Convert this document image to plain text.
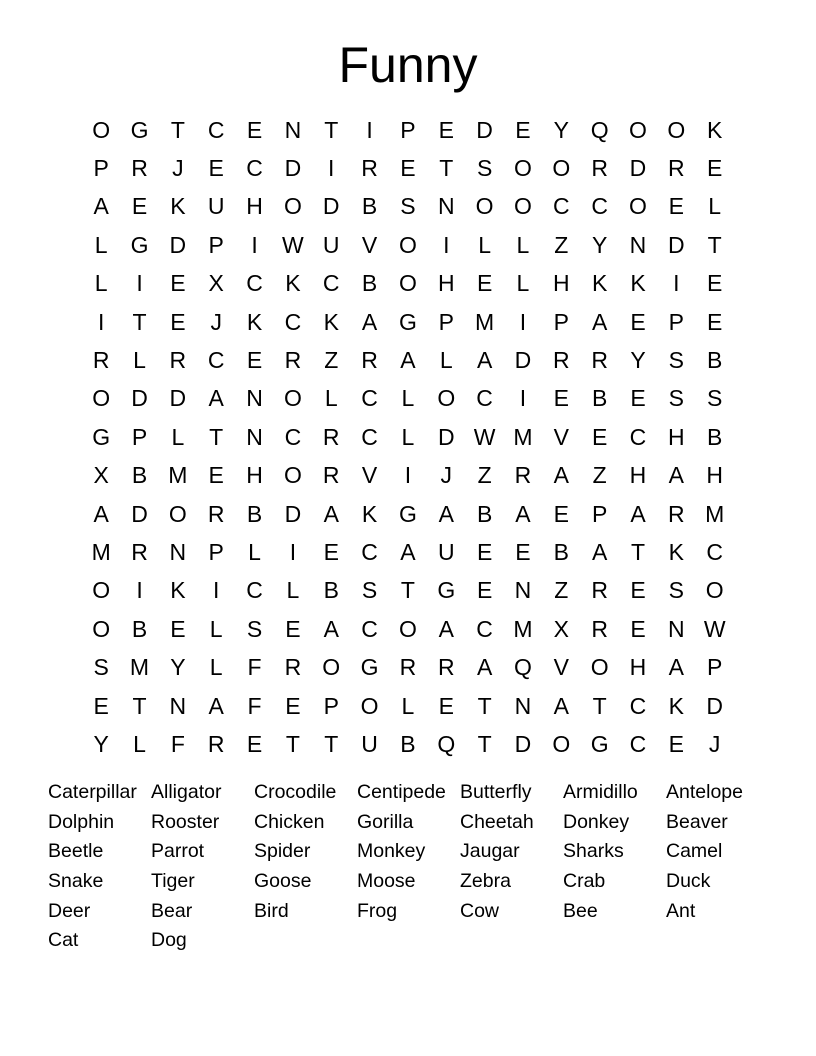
Funny
O G T	C E N	T	I	P	E D E	Y Q O O K
P R	J	E C D	I	R E	T	S O O R D R E
A	E	K U H O D B	S N O O C C O E	L
L	G D P	I	W U V O	I	L	L	Z	Y N D	T
L	I	E	X C K C B O H E	L	H K	K	I	E
I	T	E	J	K C K	A G P M	I	P	A	E	P	E
R	L	R C E R	Z	R A	L	A D R R Y	S	B
O D D A N O	L	C	L	O C	I	E	B	E	S	S
G P	L	T	N C R C	L	D W M V	E C H B
X	B M E H O R V	I	J	Z	R A	Z	H A H
A D O R B D A	K G A	B	A	E	P	A R M
M R N P	L	I	E C A U E	E	B	A	T	K C
O	I	K	I	C	L	B	S	T G E N	Z	R E	S O
O B	E	L	S	E	A C O A C M X R E N W
S M Y	L	F	R O G R R A Q V O H A	P
E	T	N A	F	E	P O	L	E	T	N A	T	C K D
Y	L	F	R E	T	T	U B Q T	D O G C E	J
Caterpillar Alligator	Crocodile	Centipede Butterfly	Armidillo	Antelope
Dolphin	Rooster	Chicken	Gorilla	Cheetah	Donkey	Beaver
Beetle	Parrot	Spider	Monkey	Jaugar	Sharks	Camel
Snake	Tiger	Goose	Moose	Zebra	Crab	Duck
Deer	Bear	Bird	Frog	Cow	Bee	Ant
Cat	Dog
